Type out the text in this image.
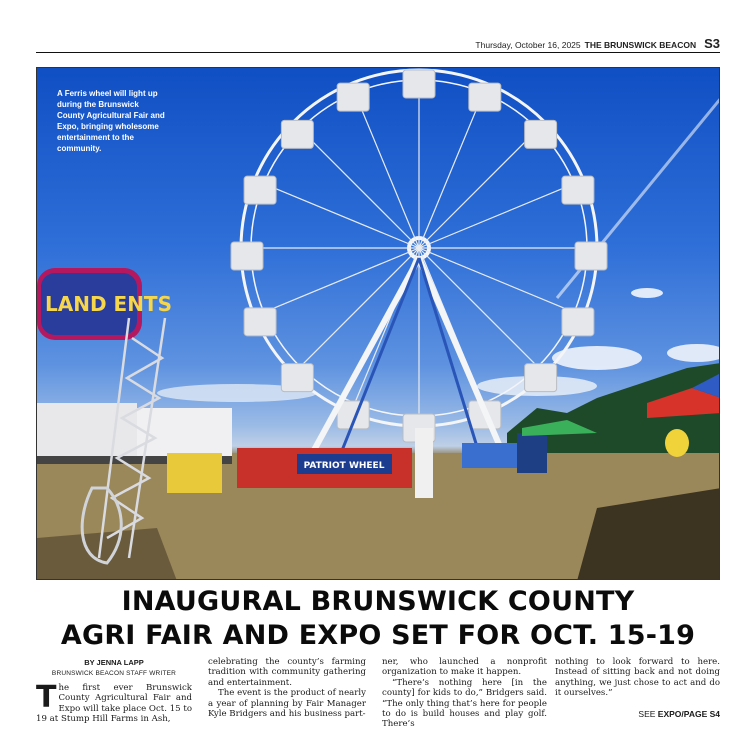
Thursday, October 16, 2025 THE BRUNSWICK BEACON S3
PATRIOT WHEEL
LAND ENTS
A Ferris wheel will light up during the Brunswick County Agricultural Fair and Expo, bringing wholesome entertainment to the community.
INAUGURAL BRUNSWICK COUNTY
AGRI FAIR AND EXPO SET FOR OCT. 15-19
BY JENNA LAPP
BRUNSWICK BEACON STAFF WRITER
T he first ever Brunswick County Agricultural Fair and Expo will take place Oct. 15 to 19 at Stump Hill Farms in Ash,

celebrating the county’s farming tradition with community gathering and entertainment.

The event is the product of nearly a year of planning by Fair Manager Kyle Bridgers and his business part-

ner, who launched a nonprofit organization to make it happen.

“There’s nothing here [in the county] for kids to do,” Bridgers said. “The only thing that’s here for people to do is build houses and play golf. There’s

nothing to look forward to here. Instead of sitting back and not doing anything, we just chose to act and do it ourselves.”

SEE EXPO/PAGE S4
